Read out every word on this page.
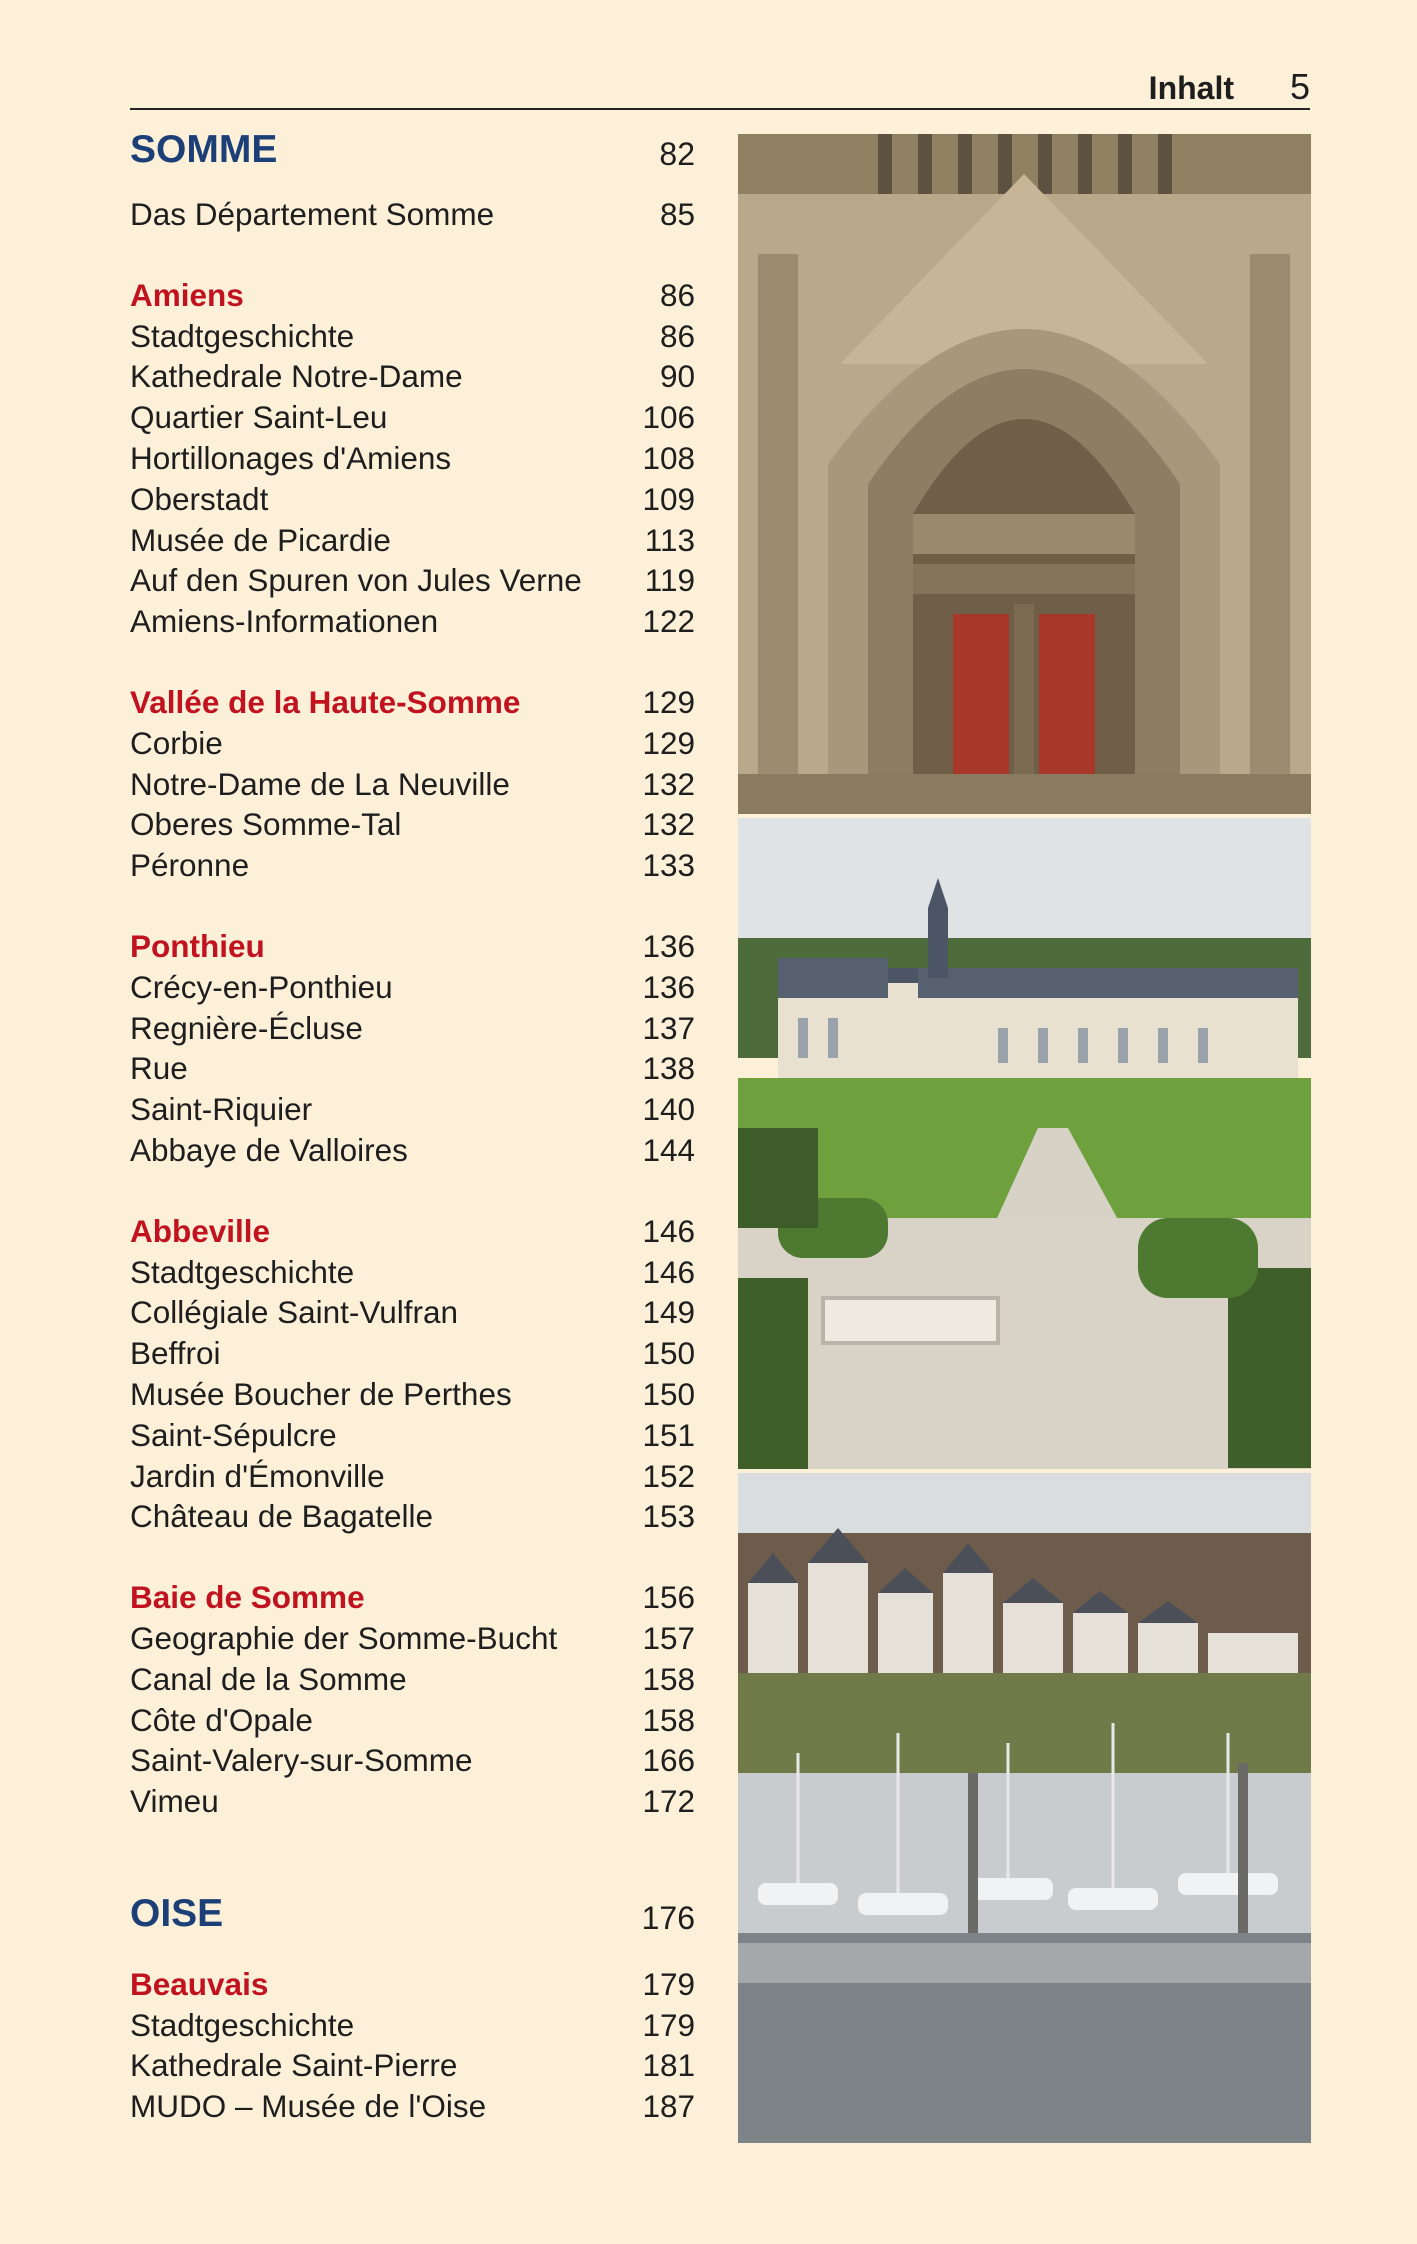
Inhalt 5
SOMME	82
Das Département Somme	85
Amiens	86
Stadtgeschichte	86
Kathedrale Notre-Dame	90
Quartier Saint-Leu	106
Hortillonages d'Amiens	108
Oberstadt	109
Musée de Picardie	113
Auf den Spuren von Jules Verne 119
Amiens-Informationen	122
Vallée de la Haute-Somme	129
Corbie	129
Notre-Dame de La Neuville	132
Oberes Somme-Tal	132
Péronne	133
Ponthieu	136
Crécy-en-Ponthieu	136
Regnière-Écluse	137
Rue	138
Saint-Riquier	140
Abbaye de Valloires	144
Abbeville	146
Stadtgeschichte	146
Collégiale Saint-Vulfran	149
Beffroi	150
Musée Boucher de Perthes	150
Saint-Sépulcre	151
Jardin d'Émonville	152
Château de Bagatelle	153
Baie de Somme	156
Geographie der Somme-Bucht	157
Canal de la Somme	158
Côte d'Opale	158
Saint-Valery-sur-Somme	166
Vimeu	172
OISE	176
Beauvais	179
Stadtgeschichte	179
Kathedrale Saint-Pierre	181
MUDO – Musée de l'Oise	187
